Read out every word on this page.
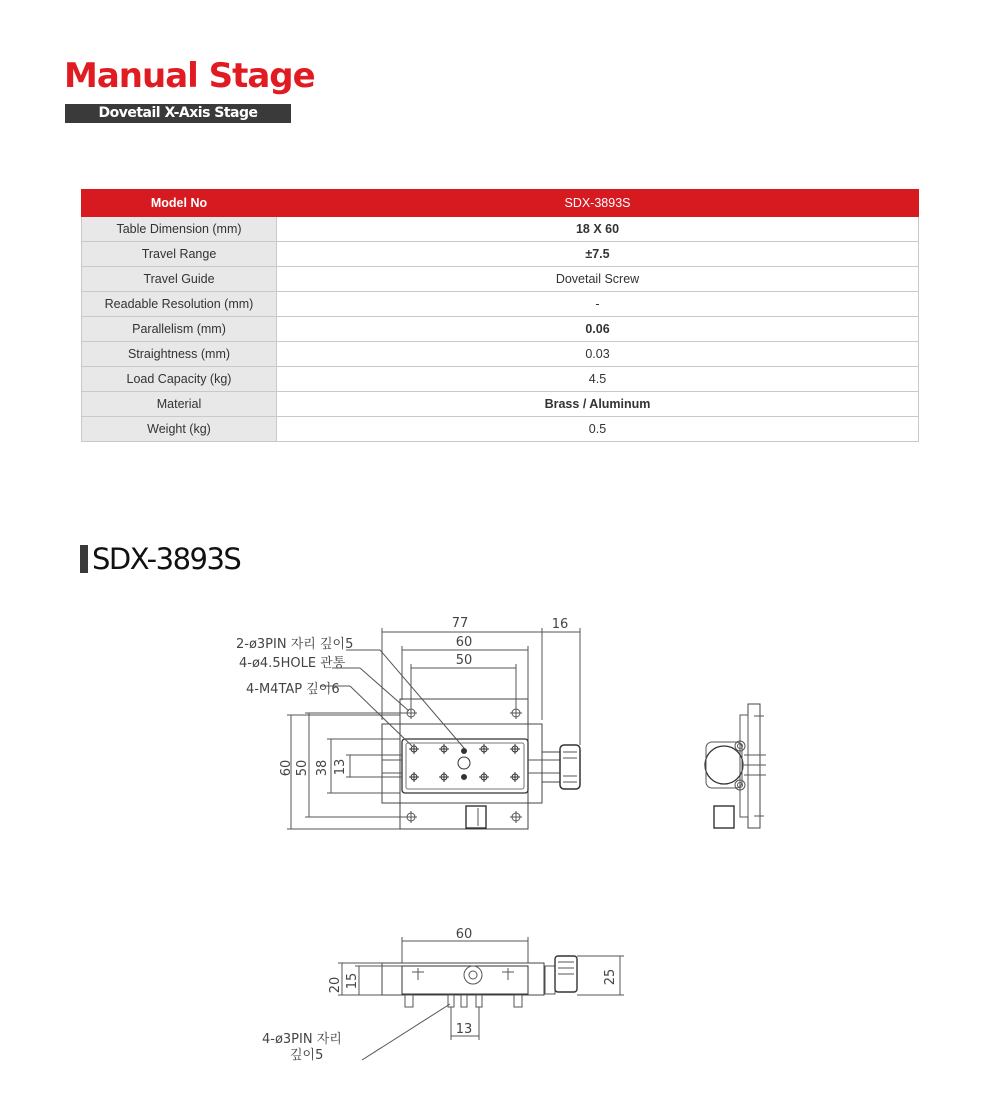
Manual Stage
Dovetail X-Axis Stage
Model No	SDX-3893S
Table Dimension (mm)	18 X 60
Travel Range	±7.5
Travel Guide	Dovetail Screw
Readable Resolution (mm)	-
Parallelism (mm)	0.06
Straightness (mm)	0.03
Load Capacity (kg)	4.5
Material	Brass / Aluminum
Weight (kg)	0.5
SDX-3893S
77	16
60
50
60 50 38 13
2-ø3PIN 자리 깊이5
4-ø4.5HOLE 관통
4-M4TAP 깊이6
60
20 15	25
13
4-ø3PIN 자리
깊이5
